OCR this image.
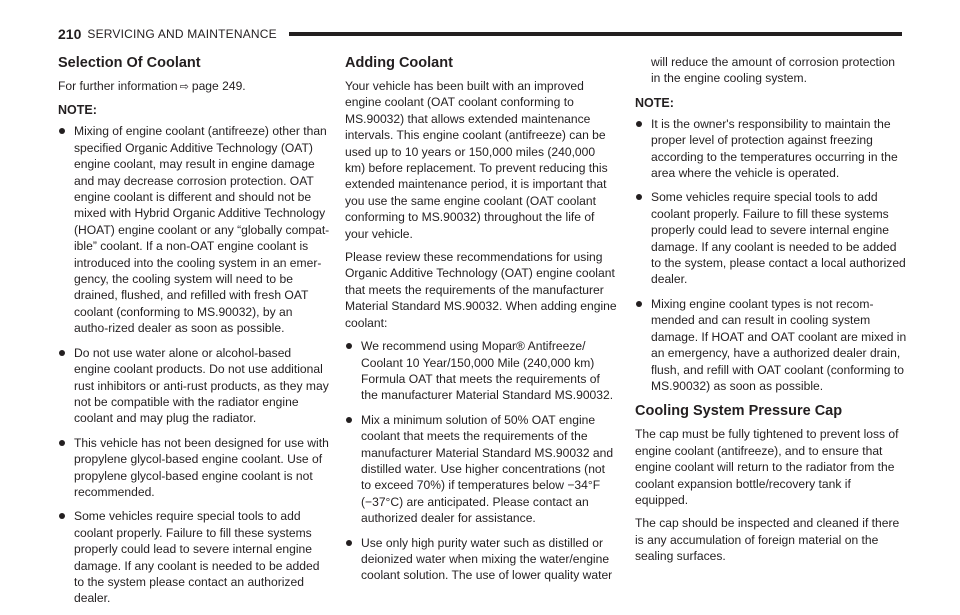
210 SERVICING AND MAINTENANCE
Selection Of Coolant

For further information ⇨ page 249.

NOTE:
Mixing of engine coolant (antifreeze) other than specified Organic Additive Technology (OAT) engine coolant, may result in engine damage and may decrease corrosion protection. OAT engine coolant is different and should not be mixed with Hybrid Organic Additive Technology (HOAT) engine coolant or any “globally compat-ible” coolant. If a non-OAT engine coolant is introduced into the cooling system in an emer-gency, the cooling system will need to be drained, flushed, and refilled with fresh OAT coolant (conforming to MS.90032), by an autho-rized dealer as soon as possible.
Do not use water alone or alcohol-based engine coolant products. Do not use additional rust inhibitors or anti-rust products, as they may not be compatible with the radiator engine coolant and may plug the radiator.
This vehicle has not been designed for use with propylene glycol-based engine coolant. Use of propylene glycol-based engine coolant is not recommended.
Some vehicles require special tools to add coolant properly. Failure to fill these systems properly could lead to severe internal engine damage. If any coolant is needed to be added to the system please contact an authorized dealer.
Adding Coolant

Your vehicle has been built with an improved engine coolant (OAT coolant conforming to MS.90032) that allows extended maintenance intervals. This engine coolant (antifreeze) can be used up to 10 years or 150,000 miles (240,000 km) before replacement. To prevent reducing this extended maintenance period, it is important that you use the same engine coolant (OAT coolant conforming to MS.90032) throughout the life of your vehicle.

Please review these recommendations for using Organic Additive Technology (OAT) engine coolant that meets the requirements of the manufacturer Material Standard MS.90032. When adding engine coolant:

We recommend using Mopar® Antifreeze/ Coolant 10 Year/150,000 Mile (240,000 km) Formula OAT that meets the requirements of the manufacturer Material Standard MS.90032.
Mix a minimum solution of 50% OAT engine coolant that meets the requirements of the manufacturer Material Standard MS.90032 and distilled water. Use higher concentrations (not to exceed 70%) if temperatures below −34°F (−37°C) are anticipated. Please contact an authorized dealer for assistance.
Use only high purity water such as distilled or deionized water when mixing the water/engine coolant solution. The use of lower quality water
will reduce the amount of corrosion protection in the engine cooling system.
NOTE:
It is the owner's responsibility to maintain the proper level of protection against freezing according to the temperatures occurring in the area where the vehicle is operated.
Some vehicles require special tools to add coolant properly. Failure to fill these systems properly could lead to severe internal engine damage. If any coolant is needed to be added to the system, please contact a local authorized dealer.
Mixing engine coolant types is not recom-mended and can result in cooling system damage. If HOAT and OAT coolant are mixed in an emergency, have a authorized dealer drain, flush, and refill with OAT coolant (conforming to MS.90032) as soon as possible.
Cooling System Pressure Cap

The cap must be fully tightened to prevent loss of engine coolant (antifreeze), and to ensure that engine coolant will return to the radiator from the coolant expansion bottle/recovery tank if equipped.

The cap should be inspected and cleaned if there is any accumulation of foreign material on the sealing surfaces.
